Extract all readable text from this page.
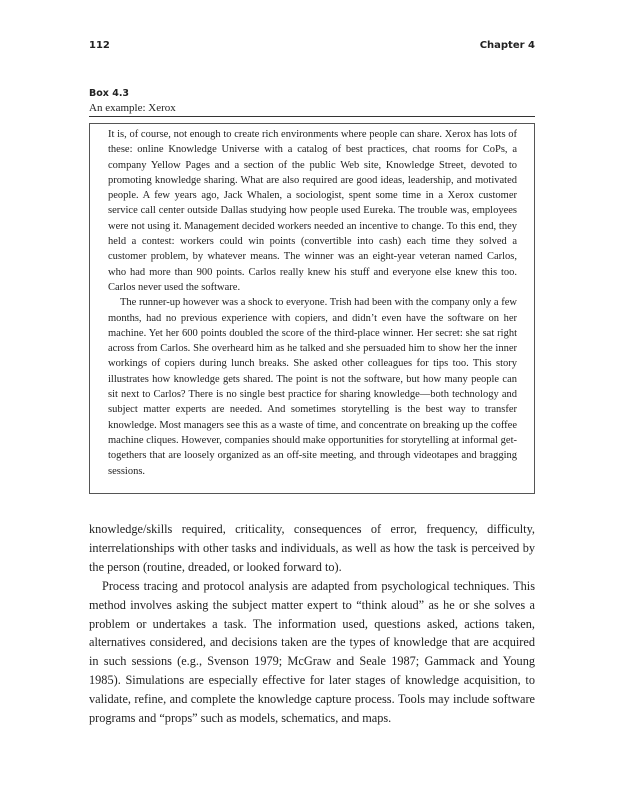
112	Chapter 4
Box 4.3
An example: Xerox

It is, of course, not enough to create rich environments where people can share. Xerox has lots of these: online Knowledge Universe with a catalog of best practices, chat rooms for CoPs, a company Yellow Pages and a section of the public Web site, Knowledge Street, devoted to promoting knowledge sharing. What are also required are good ideas, leadership, and motivated people. A few years ago, Jack Whalen, a sociologist, spent some time in a Xerox customer service call center outside Dallas studying how people used Eureka. The trouble was, employees were not using it. Management decided workers needed an incentive to change. To this end, they held a contest: workers could win points (convertible into cash) each time they solved a customer problem, by whatever means. The winner was an eight-year veteran named Carlos, who had more than 900 points. Carlos really knew his stuff and everyone else knew this too. Carlos never used the software.

The runner-up however was a shock to everyone. Trish had been with the company only a few months, had no previous experience with copiers, and didn’t even have the software on her machine. Yet her 600 points doubled the score of the third-place winner. Her secret: she sat right across from Carlos. She overheard him as he talked and she persuaded him to show her the inner workings of copiers during lunch breaks. She asked other colleagues for tips too. This story illustrates how knowledge gets shared. The point is not the software, but how many people can sit next to Carlos? There is no single best practice for sharing knowledge—both technology and subject matter experts are needed. And sometimes storytelling is the best way to transfer knowledge. Most managers see this as a waste of time, and concentrate on breaking up the coffee machine cliques. However, companies should make opportunities for storytelling at informal get-togethers that are loosely organized as an off-site meeting, and through videotapes and bragging sessions.

knowledge/skills required, criticality, consequences of error, frequency, difficulty, interrelationships with other tasks and individuals, as well as how the task is perceived by the person (routine, dreaded, or looked forward to).

Process tracing and protocol analysis are adapted from psychological techniques. This method involves asking the subject matter expert to “think aloud” as he or she solves a problem or undertakes a task. The information used, questions asked, actions taken, alternatives considered, and decisions taken are the types of knowledge that are acquired in such sessions (e.g., Svenson 1979; McGraw and Seale 1987; Gammack and Young 1985). Simulations are especially effective for later stages of knowledge acquisition, to validate, refine, and complete the knowledge capture process. Tools may include software programs and “props” such as models, schematics, and maps.
